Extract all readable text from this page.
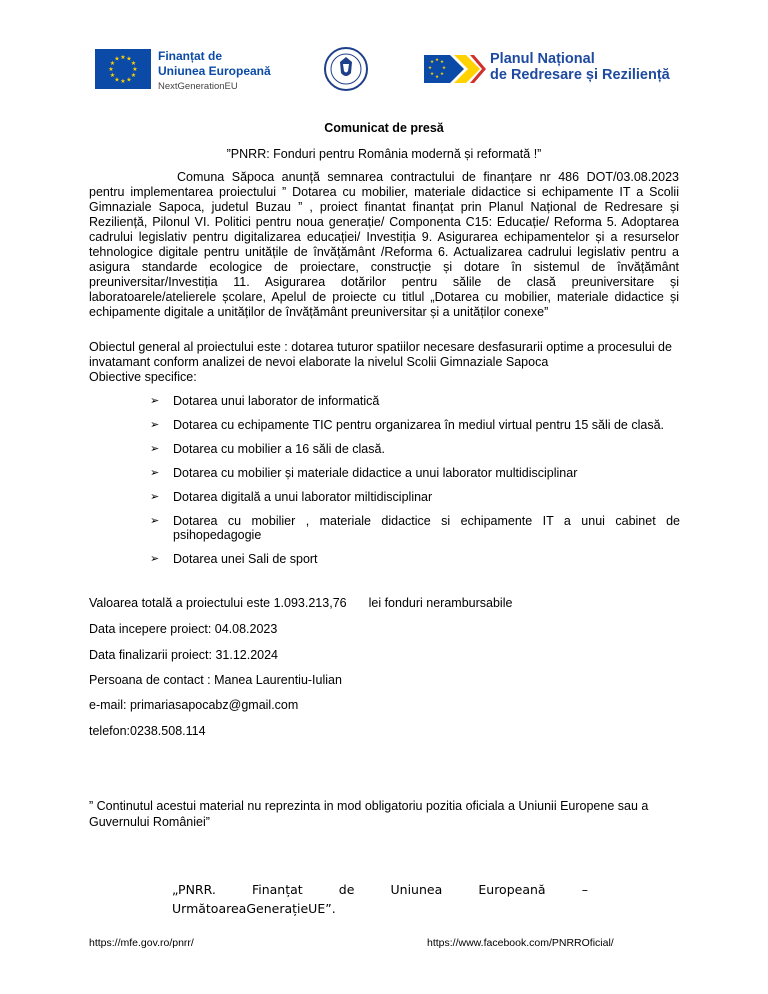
★ ★
★
★
★
★
★
★
★
★
★
★	Finanțat de
Uniunea Europeană
NextGenerationEU
★ ★
★
★
★
★
★
★	Planul Național
de Redresare și Reziliență
Comunicat de presă
”PNRR: Fonduri pentru România modernă și reformată !”
Comuna Săpoca anunță semnarea contractului de finanțare nr 486 DOT/03.08.2023 pentru implementarea proiectului ” Dotarea cu mobilier, materiale didactice si echipamente IT a Scolii Gimnaziale Sapoca, judetul Buzau ” , proiect finantat finanțat prin Planul Național de Redresare și Reziliență, Pilonul VI. Politici pentru noua generație/ Componenta C15: Educație/ Reforma 5. Adoptarea cadrului legislativ pentru digitalizarea educației/ Investiția 9. Asigurarea echipamentelor și a resurselor tehnologice digitale pentru unitățile de învățământ /Reforma 6. Actualizarea cadrului legislativ pentru a asigura standarde ecologice de proiectare, construcție și dotare în sistemul de învățământ preuniversitar/Investiția 11. Asigurarea dotărilor pentru sălile de clasă preuniversitare și laboratoarele/atelierele școlare, Apelul de proiecte cu titlul „Dotarea cu mobilier, materiale didactice și echipamente digitale a unităților de învățământ preuniversitar și a unităților conexe”
Obiectul general al proiectului este : dotarea tuturor spatiilor necesare desfasurarii optime a procesului de invatamant conform analizei de nevoi elaborate la nivelul Scolii Gimnaziale Sapoca
Obiective specifice:
➢ Dotarea unui laborator de informatică
➢ Dotarea cu echipamente TIC pentru organizarea în mediul virtual pentru 15 săli de clasă.
➢ Dotarea cu mobilier a 16 săli de clasă.
➢ Dotarea cu mobilier și materiale didactice a unui laborator multidisciplinar
➢ Dotarea digitală a unui laborator miltidisciplinar
➢ Dotarea cu mobilier , materiale didactice si echipamente IT a unui cabinet de psihopedagogie
➢ Dotarea unei Sali de sport
Valoarea totală a proiectului este 1.093.213,76 lei fonduri nerambursabile
Data incepere proiect: 04.08.2023
Data finalizarii proiect: 31.12.2024
Persoana de contact : Manea Laurentiu-Iulian
e-mail: primariasapocabz@gmail.com
telefon:0238.508.114
” Continutul acestui material nu reprezinta in mod obligatoriu pozitia oficiala a Uniunii Europene sau a Guvernului României”
„PNRR.	Finanțat	de	Uniunea	Europeană	–
UrmătoareaGenerațieUE”.
https://mfe.gov.ro/pnrr/	https://www.facebook.com/PNRROficial/
